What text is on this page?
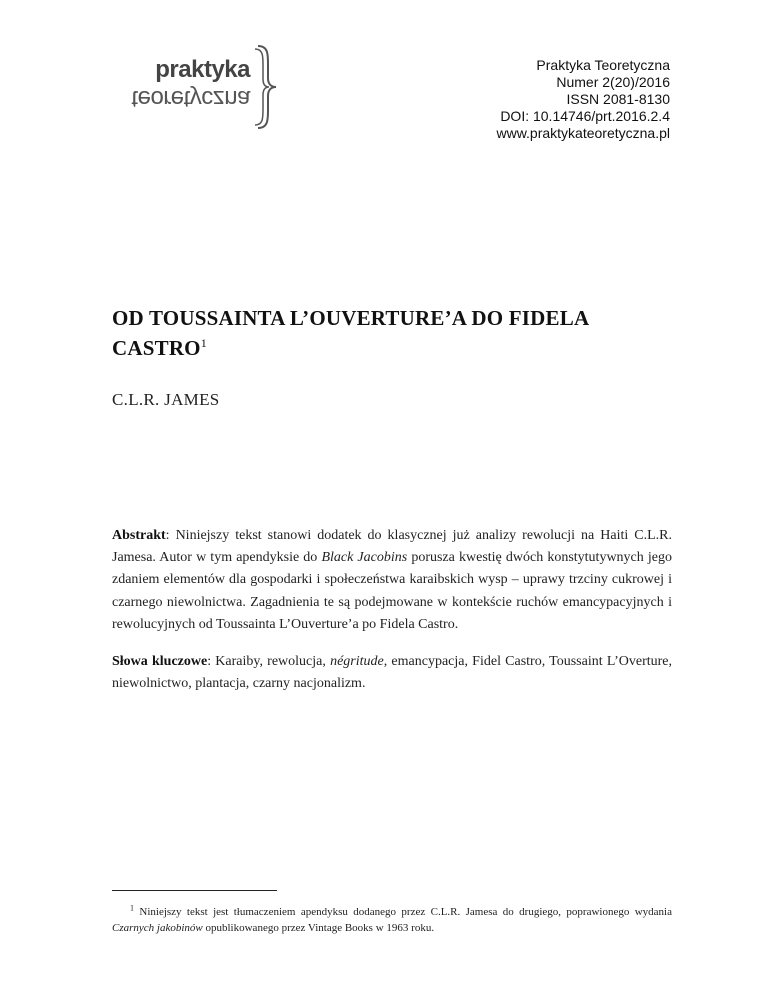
praktyka
teoretyczna
Praktyka Teoretyczna
Numer 2(20)/2016
ISSN 2081-8130
DOI: 10.14746/prt.2016.2.4
www.praktykateoretyczna.pl
OD TOUSSAINTA L’OUVERTURE’A DO FIDELA CASTRO$^1$

C.L.R. JAMES

Abstrakt: Niniejszy tekst stanowi dodatek do klasycznej już analizy rewolucji na Haiti C.L.R. Jamesa. Autor w tym apendyksie do Black Jacobins porusza kwestię dwóch konstytutywnych jego zdaniem elementów dla gospodarki i społeczeństwa karaibskich wysp – uprawy trzciny cukrowej i czarnego niewolnictwa. Zagadnienia te są podejmowane w kontekście ruchów emancypacyjnych i rewolucyjnych od Toussainta L’Ouverture’a po Fidela Castro.

Słowa kluczowe: Karaiby, rewolucja, négritude, emancypacja, Fidel Castro, Toussaint L’Overture, niewolnictwo, plantacja, czarny nacjonalizm.

$^1$ Niniejszy tekst jest tłumaczeniem apendyksu dodanego przez C.L.R. Jamesa do drugiego, poprawionego wydania Czarnych jakobinów opublikowanego przez Vintage Books w 1963 roku.
